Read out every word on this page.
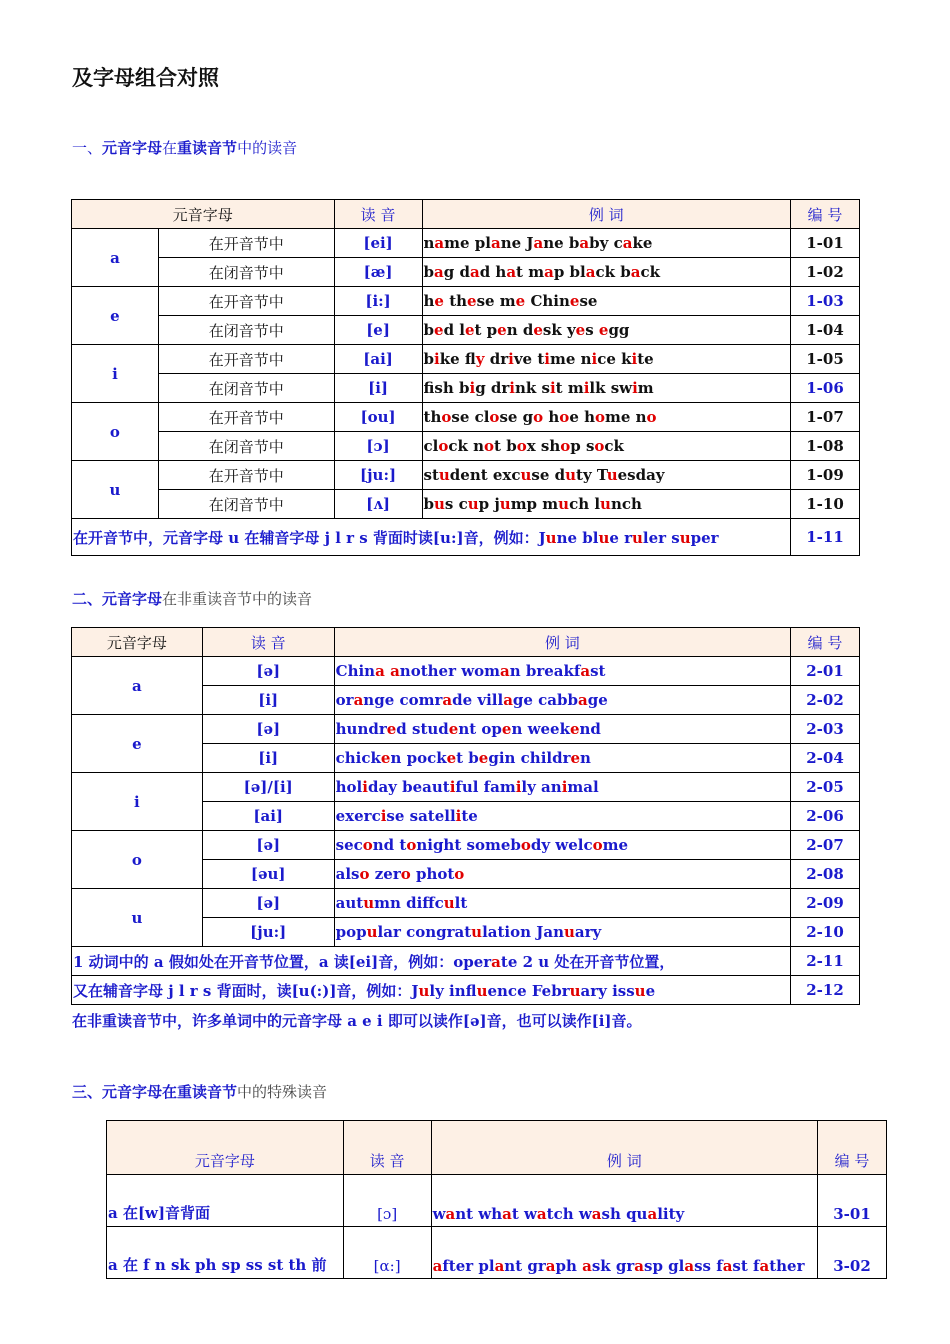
及字母组合对照
一、元音字母在重读音节中的读音
元音字母		读 音	例 词	编 号
a	在开音节中	[ei]	name plane Jane baby cake	1-01
	在闭音节中	[æ]	bag dad hat map black back	1-02
e	在开音节中	[i:]	he these me Chinese	1-03
	在闭音节中	[e]	bed let pen desk yes egg	1-04
i	在开音节中	[ai]	bike fly drive time nice kite	1-05
	在闭音节中	[i]	fsh big drink sit milk swim	1-06
o	在开音节中	[ou]	those close go hoe home no	1-07
	在闭音节中	[ɔ]	clock not box shop sock	1-08
u	在开音节中	[ju:]	student excuse duty Tuesday	1-09
	在闭音节中	[ʌ]	bus cup jump much lunch	1-10
在开音节中，元音字母 u 在辅音字母 j l r s 背面时读[u:]音，例如：June blue ruler super				1-11
二、元音字母在非重读音节中的读音
元音字母	读 音	例 词	编 号
a	[ə]	China another woman breakfast	2-01
	[i]	orange comrade village cabbage	2-02
e	[ə]	hundred student open weekend	2-03
	[i]	chicken pocket begin children	2-04
i	[ə]/[i]	holiday beautiful family animal	2-05
	[ai]	exercise satellite	2-06
o	[ə]	second tonight somebody welcome	2-07
	[əu]	also zero photo	2-08
u	[ə]	autumn diffcult	2-09
	[ju:]	popular congratulation January	2-10
1 动词中的 a 假如处在开音节位置，a 读[ei]音，例如：operate 2 u 处在开音节位置，			2-11
又在辅音字母 j l r s 背面时，读[u(:)]音，例如：July influence February issue			2-12
在非重读音节中，许多单词中的元音字母 a e i 即可以读作[ə]音，也可以读作[i]音。
三、元音字母在重读音节中的特殊读音
元音字母	读 音	例 词	编 号
a 在[w]音背面	[ɔ]	want what watch wash quality	3-01
a 在 f n sk ph sp ss st th 前	[α:]	after plant graph ask grasp glass fast father	3-02
